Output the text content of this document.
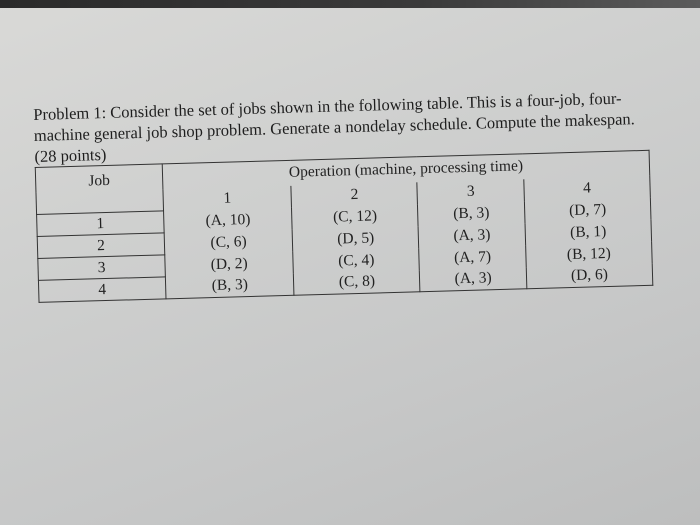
Problem 1: Consider the set of jobs shown in the following table. This is a four-job, four-machine general job shop problem. Generate a nondelay schedule. Compute the makespan. (28 points)

Job	Operation (machine, processing time)			
	1	2	3	4
1	(A, 10)	(C, 12)	(B, 3)	(D, 7)
2	(C, 6)	(D, 5)	(A, 3)	(B, 1)
3	(D, 2)	(C, 4)	(A, 7)	(B, 12)
4	(B, 3)	(C, 8)	(A, 3)	(D, 6)
